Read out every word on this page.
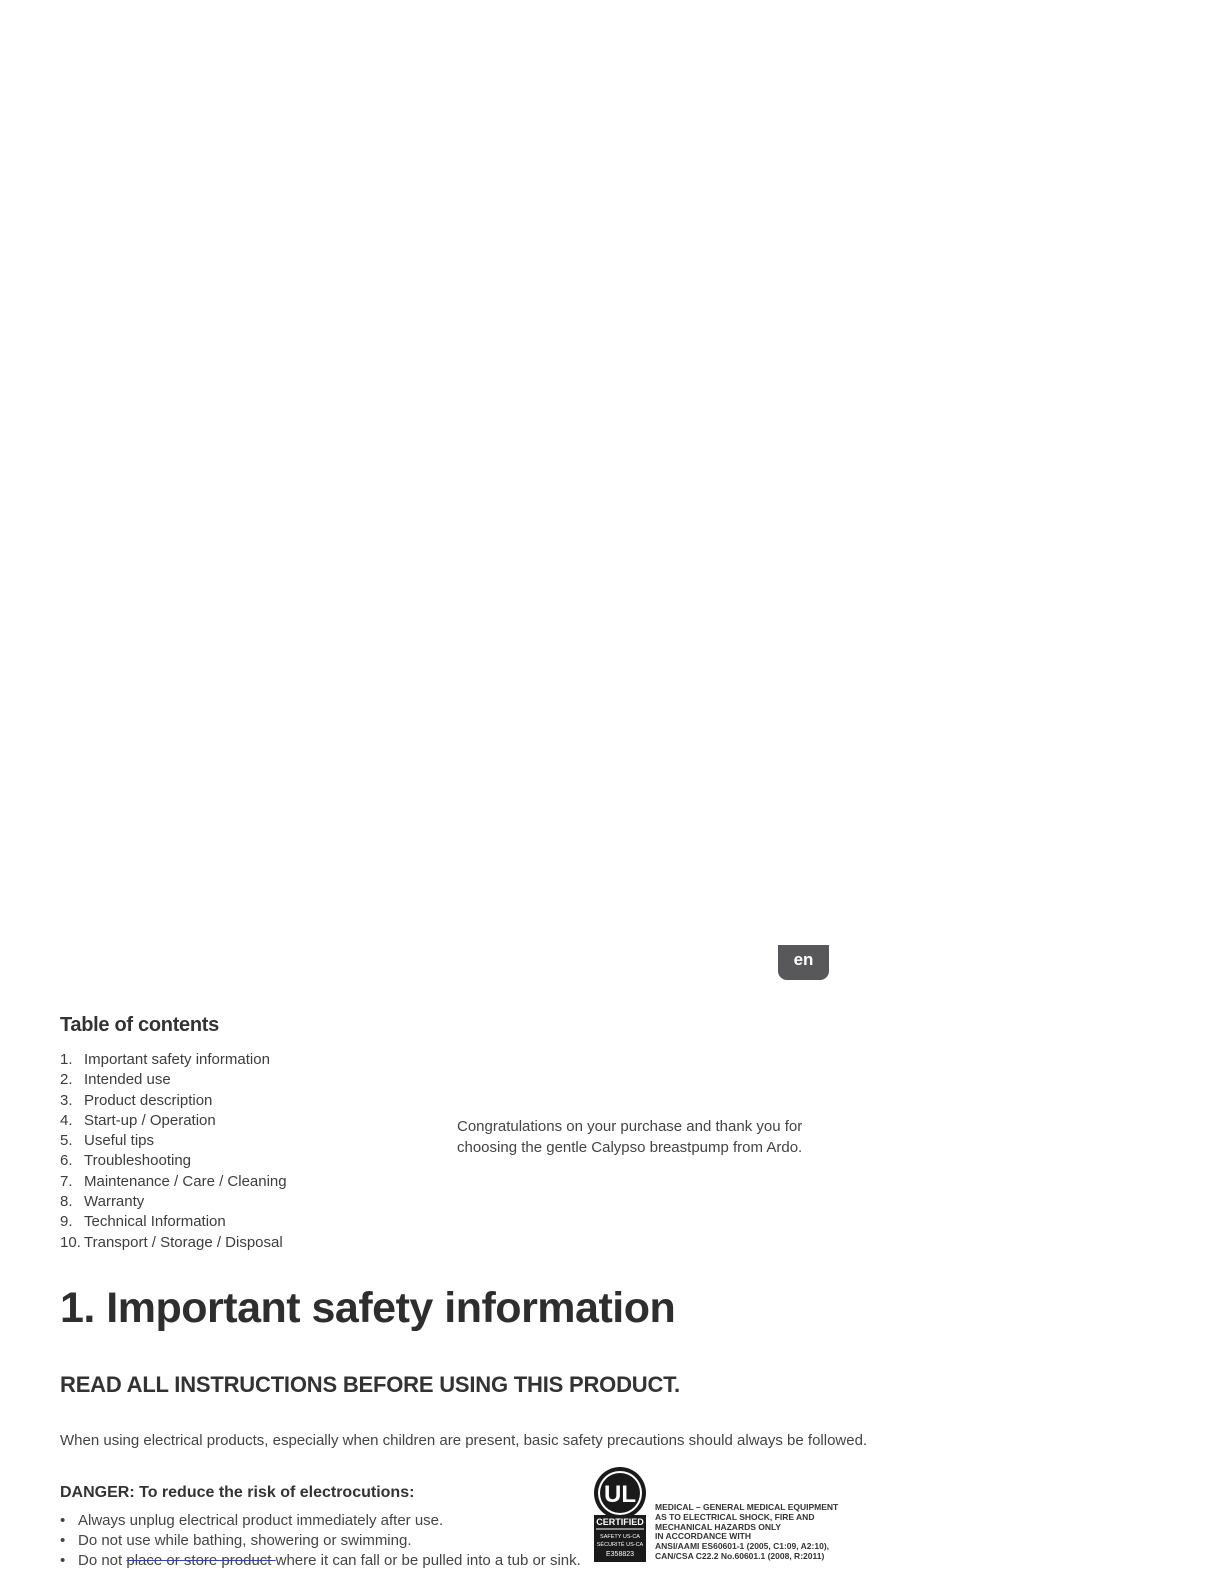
en
Table of contents
1. Important safety information
2. Intended use
3. Product description
4. Start-up / Operation
5. Useful tips
6. Troubleshooting
7. Maintenance / Care / Cleaning
8. Warranty
9. Technical Information
10. Transport / Storage / Disposal

Congratulations on your purchase and thank you for
choosing the gentle Calypso breastpump from Ardo.

1. Important safety information
READ ALL INSTRUCTIONS BEFORE USING THIS PRODUCT.

When using electrical products, especially when children are present, basic safety precautions should always be followed.

DANGER: To reduce the risk of electrocutions:

• Always unplug electrical product immediately after use.
• Do not use while bathing, showering or swimming.
• Do not place or store product where it can fall or be pulled into a tub or sink.
UL
CERTIFIED
SAFETY US-CA
SÉCURITÉ US-CA
E358823

MEDICAL – GENERAL MEDICAL EQUIPMENT
AS TO ELECTRICAL SHOCK, FIRE AND
MECHANICAL HAZARDS ONLY
IN ACCORDANCE WITH
ANSI/AAMI ES60601-1 (2005, C1:09, A2:10),
CAN/CSA C22.2 No.60601.1 (2008, R:2011)
